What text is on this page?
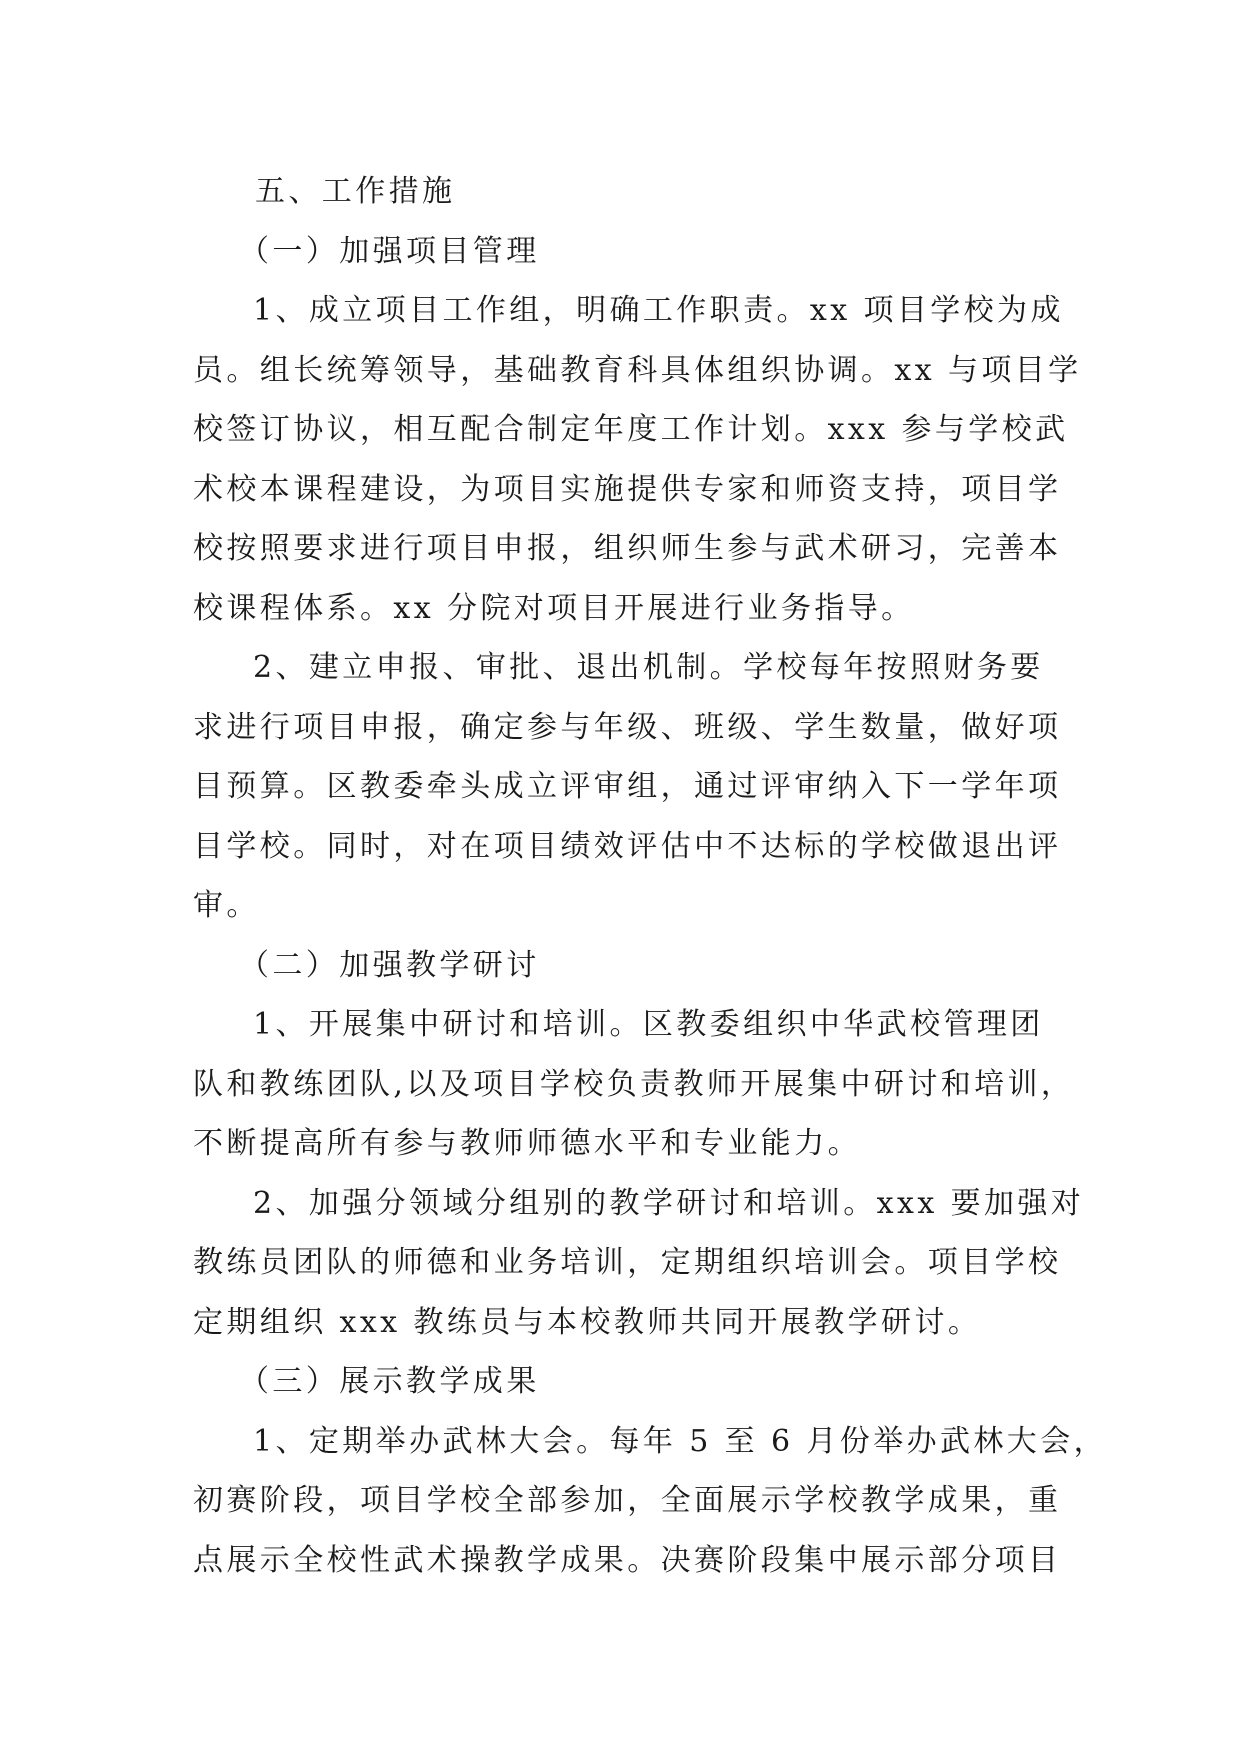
五、工作措施
（一）加强项目管理
1、成立项目工作组，明确工作职责。xx 项目学校为成
员。组长统筹领导，基础教育科具体组织协调。xx 与项目学
校签订协议，相互配合制定年度工作计划。xxx 参与学校武
术校本课程建设，为项目实施提供专家和师资支持，项目学
校按照要求进行项目申报，组织师生参与武术研习，完善本
校课程体系。xx 分院对项目开展进行业务指导。
2、建立申报、审批、退出机制。学校每年按照财务要
求进行项目申报，确定参与年级、班级、学生数量，做好项
目预算。区教委牵头成立评审组，通过评审纳入下一学年项
目学校。同时，对在项目绩效评估中不达标的学校做退出评
审。
（二）加强教学研讨
1、开展集中研讨和培训。区教委组织中华武校管理团
队和教练团队,以及项目学校负责教师开展集中研讨和培训，
不断提高所有参与教师师德水平和专业能力。
2、加强分领域分组别的教学研讨和培训。xxx 要加强对
教练员团队的师德和业务培训，定期组织培训会。项目学校
定期组织 xxx 教练员与本校教师共同开展教学研讨。
（三）展示教学成果
1、定期举办武林大会。每年 5 至 6 月份举办武林大会，
初赛阶段，项目学校全部参加，全面展示学校教学成果，重
点展示全校性武术操教学成果。决赛阶段集中展示部分项目
